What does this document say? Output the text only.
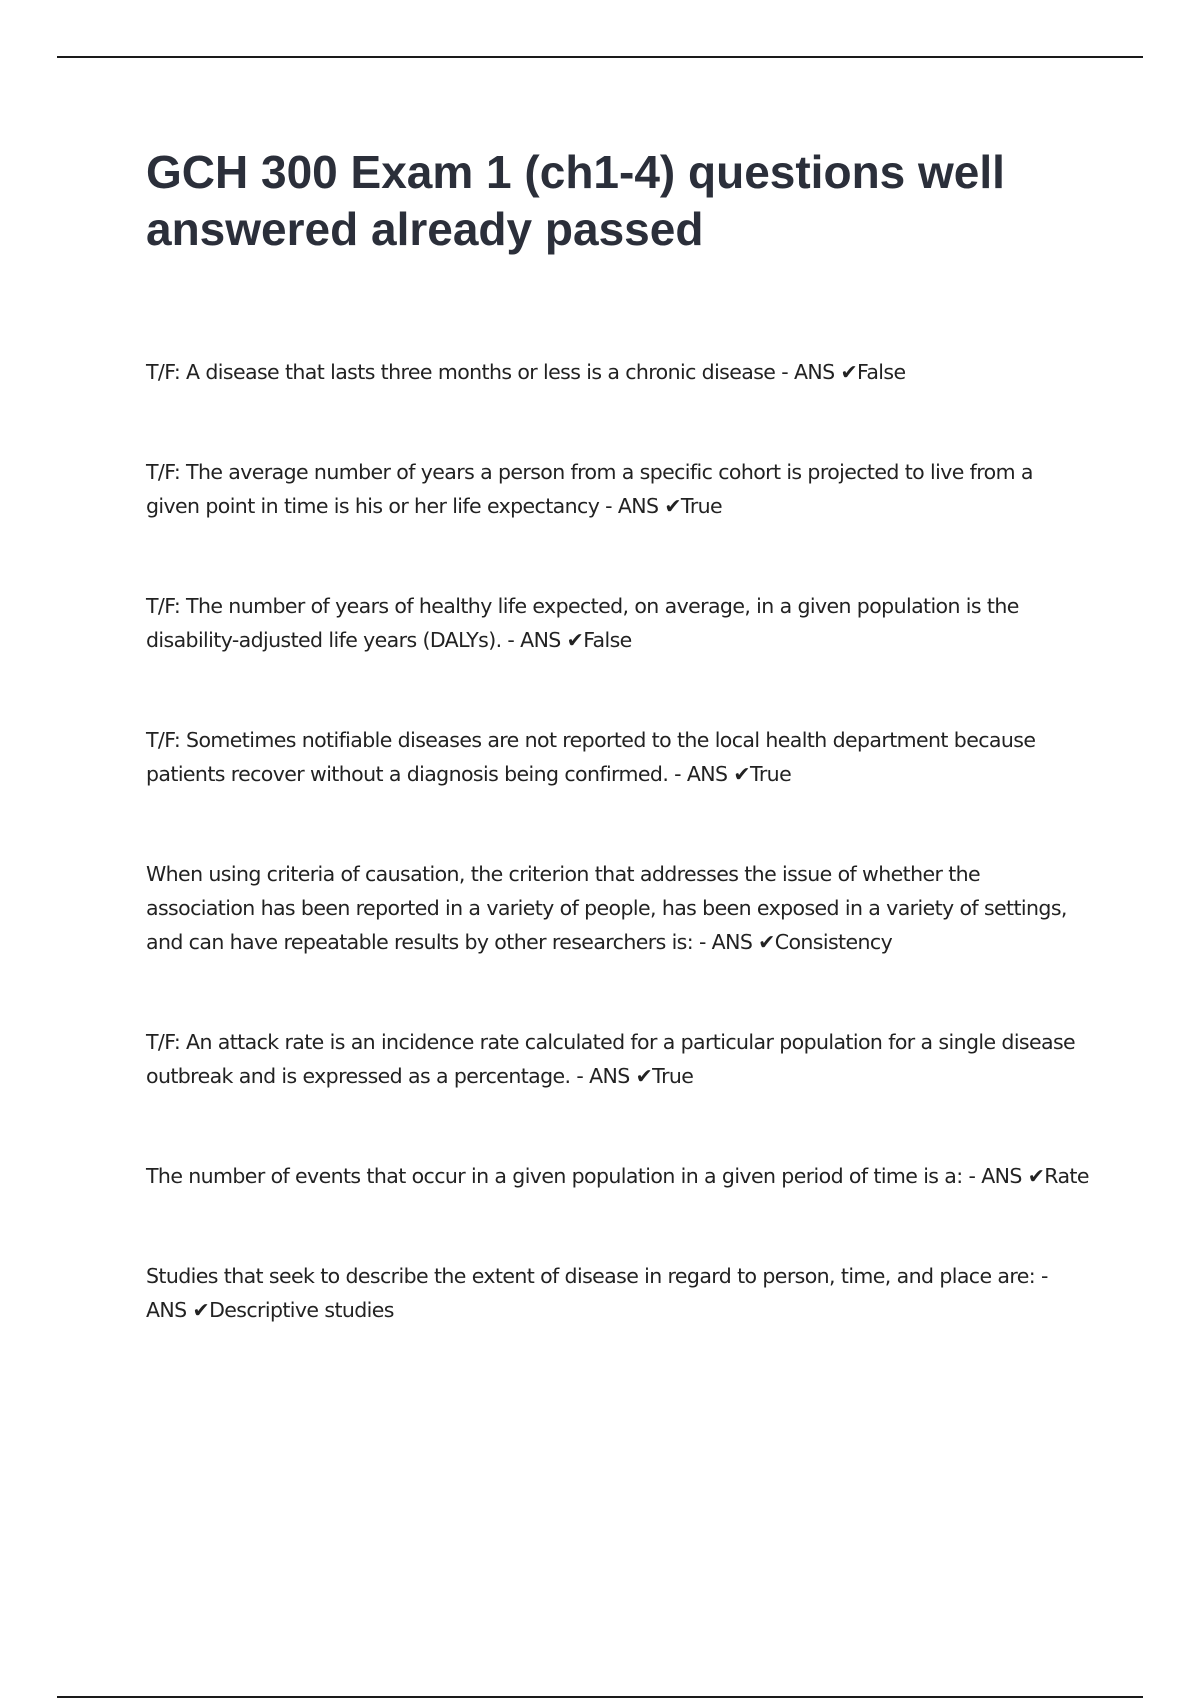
GCH 300 Exam 1 (ch1-4) questions well answered already passed
T/F: A disease that lasts three months or less is a chronic disease - ANS ✔False
T/F: The average number of years a person from a specific cohort is projected to live from a given point in time is his or her life expectancy - ANS ✔True
T/F: The number of years of healthy life expected, on average, in a given population is the disability-adjusted life years (DALYs). - ANS ✔False
T/F: Sometimes notifiable diseases are not reported to the local health department because patients recover without a diagnosis being confirmed. - ANS ✔True
When using criteria of causation, the criterion that addresses the issue of whether the association has been reported in a variety of people, has been exposed in a variety of settings, and can have repeatable results by other researchers is: - ANS ✔Consistency
T/F: An attack rate is an incidence rate calculated for a particular population for a single disease outbreak and is expressed as a percentage. - ANS ✔True
The number of events that occur in a given population in a given period of time is a: - ANS ✔Rate
Studies that seek to describe the extent of disease in regard to person, time, and place are: - ANS ✔Descriptive studies
